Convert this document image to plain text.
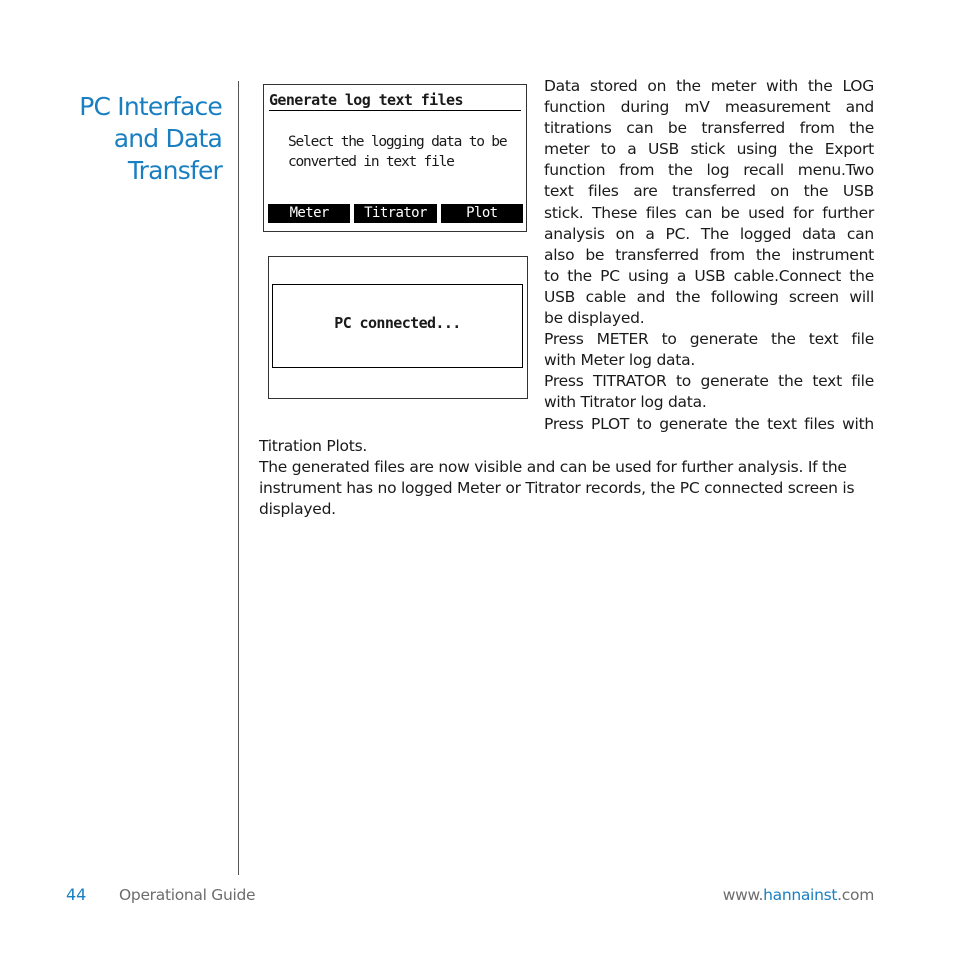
PC Interface
and Data
Transfer
Generate log text files
Select the logging data to be
converted in text file
Meter	Titrator	Plot
PC connected...

Data stored on the meter with the LOG
function during mV measurement and
titrations can be transferred from the
meter to a USB stick using the Export
function from the log recall menu.Two
text files are transferred on the USB
stick. These files can be used for further
analysis on a PC. The logged data can
also be transferred from the instrument
to the PC using a USB cable.Connect the
USB cable and the following screen will
be displayed.

Press METER to generate the text file
with Meter log data.

Press TITRATOR to generate the text file
with Titrator log data.

Press PLOT to generate the text files with

Titration Plots.

The generated files are now visible and can be used for further analysis. If the instrument has no logged Meter or Titrator records, the PC connected screen is displayed.

44 Operational Guide	www.hannainst.com
